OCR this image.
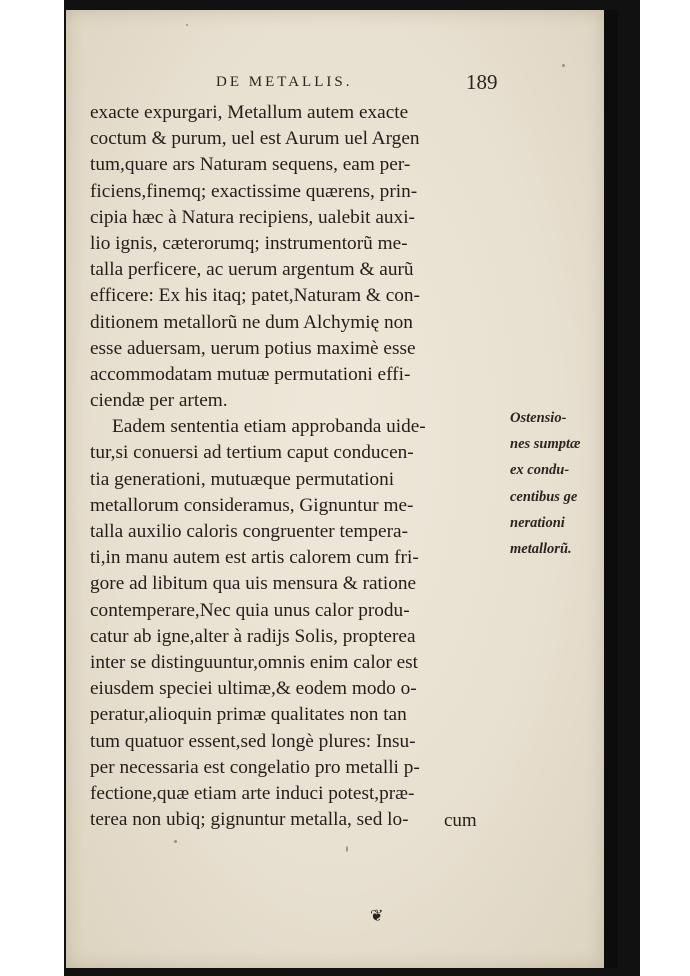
DE METALLIS.	189
exacte expurgari, Metallum autem exacte
coctum & purum, uel est Aurum uel Argen
tum,quare ars Naturam sequens, eam per-
ficiens,finemq; exactissime quærens, prin-
cipia hæc à Natura recipiens, ualebit auxi-
lio ignis, cæterorumq; instrumentorũ me-
talla perficere, ac uerum argentum & aurũ
efficere: Ex his itaq; patet,Naturam & con-
ditionem metallorũ ne dum Alchymię non
esse aduersam, uerum potius maximè esse
accommodatam mutuæ permutationi effi-
ciendæ per artem.
Eadem sententia etiam approbanda uide-
tur,si conuersi ad tertium caput conducen-
tia generationi, mutuæque permutationi
metallorum consideramus, Gignuntur me-
talla auxilio caloris congruenter tempera-
ti,in manu autem est artis calorem cum fri-
gore ad libitum qua uis mensura & ratione
contemperare,Nec quia unus calor produ-
catur ab igne,alter à radijs Solis, propterea
inter se distinguuntur,omnis enim calor est
eiusdem speciei ultimæ,& eodem modo o-
peratur,alioquin primæ qualitates non tan
tum quatuor essent,sed longè plures: Insu-
per necessaria est congelatio pro metalli p-
fectione,quæ etiam arte induci potest,præ-
terea non ubiq; gignuntur metalla, sed lo-
Ostensio-
nes sumptæ
ex condu-
centibus ge
nerationi
metallorũ.
cum
❦
